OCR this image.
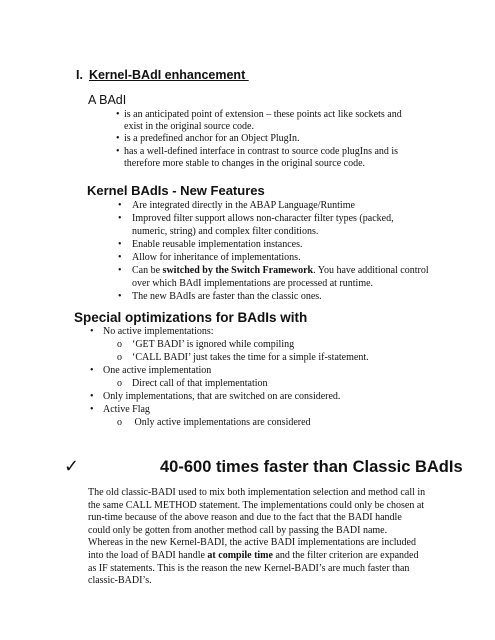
I. Kernel-BAdI enhancement
A BAdI
• is an anticipated point of extension – these points act like sockets and exist in the original source code.
• is a predefined anchor for an Object PlugIn.
• has a well-defined interface in contrast to source code plugIns and is therefore more stable to changes in the original source code.
Kernel BAdIs - New Features
• Are integrated directly in the ABAP Language/Runtime
• Improved filter support allows non-character filter types (packed, numeric, string) and complex filter conditions.
• Enable reusable implementation instances.
• Allow for inheritance of implementations.
• Can be switched by the Switch Framework. You have additional control over which BAdI implementations are processed at runtime.
• The new BAdIs are faster than the classic ones.
Special optimizations for BAdIs with
• No active implementations:
o ‘GET BADI’ is ignored while compiling
o ‘CALL BADI’ just takes the time for a simple if-statement.
• One active implementation
o Direct call of that implementation
• Only implementations, that are switched on are considered.
• Active Flag
o Only active implementations are considered
✓	40-600 times faster than Classic BAdIs

The old classic-BADI used to mix both implementation selection and method call in the same CALL METHOD statement. The implementations could only be chosen at run-time because of the above reason and due to the fact that the BADI handle could only be gotten from another method call by passing the BADI name.
Whereas in the new Kernel-BADI, the active BADI implementations are included into the load of BADI handle at compile time and the filter criterion are expanded as IF statements. This is the reason the new Kernel-BADI’s are much faster than classic-BADI’s.
